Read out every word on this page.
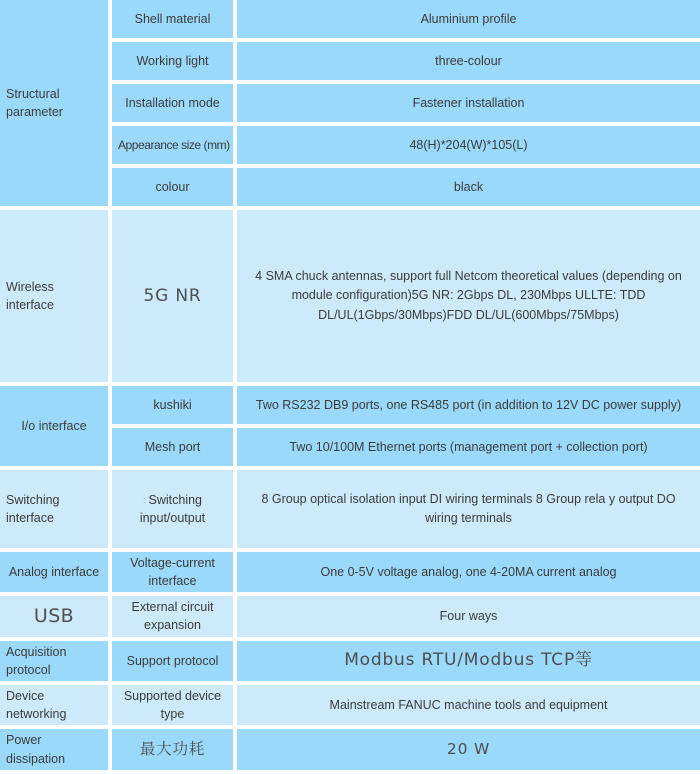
Structural parameter	Shell material	Aluminium profile
	Working light	three-colour
	Installation mode	Fastener installation
	Appearance size (mm)	48(H)*204(W)*105(L)
	colour	black
Wireless interface	5G NR	4 SMA chuck antennas, support full Netcom theoretical values (depending on module configuration)5G NR: 2Gbps DL, 230Mbps ULLTE: TDD DL/UL(1Gbps/30Mbps)FDD DL/UL(600Mbps/75Mbps)

I/o interface	kushiki	Two RS232 DB9 ports, one RS485 port (in addition to 12V DC power supply)
	Mesh port	Two 10/100M Ethernet ports (management port + collection port)
Switching interface	: Switching input/output	8 Group optical isolation input DI wiring terminals 8 Group rela y output DO wiring terminals

Analog interface	Voltage-current interface	One 0-5V voltage analog, one 4-20MA current analog
USB	External circuit expansion	Four ways
Acquisition protocol	Support protocol	Modbus RTU/Modbus TCP等
Device networking	Supported device type	Mainstream FANUC machine tools and equipment
Power dissipation	最大功耗	20 W
